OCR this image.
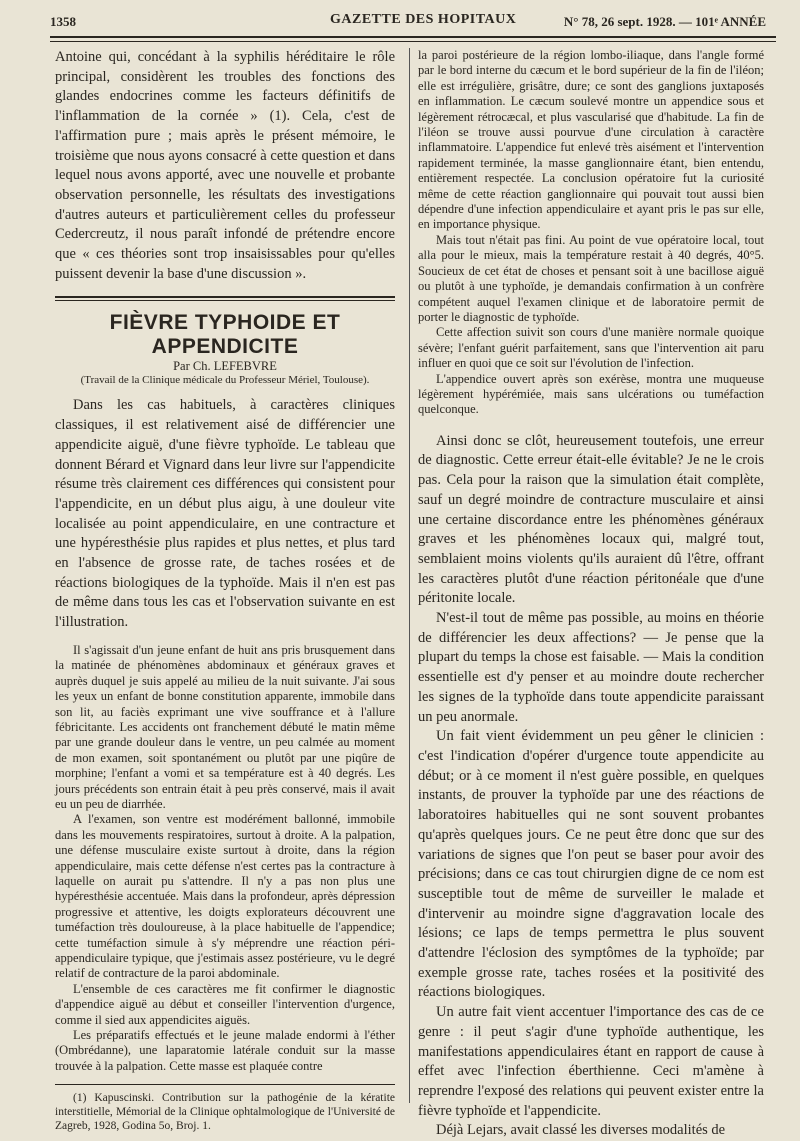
1358	GAZETTE DES HOPITAUX	N° 78, 26 sept. 1928. — 101ᵉ ANNÉE

Antoine qui, concédant à la syphilis héréditaire le rôle principal, considèrent les troubles des fonctions des glandes endocrines comme les facteurs définitifs de l'inflammation de la cornée » (1). Cela, c'est de l'affirmation pure ; mais après le présent mémoire, le troisième que nous ayons consacré à cette question et dans lequel nous avons apporté, avec une nouvelle et probante observation personnelle, les résultats des investigations d'autres auteurs et particulièrement celles du professeur Cedercreutz, il nous paraît infondé de prétendre encore que « ces théories sont trop insaisissables pour qu'elles puissent devenir la base d'une discussion ».

FIÈVRE TYPHOIDE ET APPENDICITE

Par Ch. LEFEBVRE

(Travail de la Clinique médicale du Professeur Mériel, Toulouse).

Dans les cas habituels, à caractères cliniques classiques, il est relativement aisé de différencier une appendicite aiguë, d'une fièvre typhoïde. Le tableau que donnent Bérard et Vignard dans leur livre sur l'appendicite résume très clairement ces différences qui consistent pour l'appendicite, en un début plus aigu, à une douleur vite localisée au point appendiculaire, en une contracture et une hypéresthésie plus rapides et plus nettes, et plus tard en l'absence de grosse rate, de taches rosées et de réactions biologiques de la typhoïde. Mais il n'en est pas de même dans tous les cas et l'observation suivante en est l'illustration.

Il s'agissait d'un jeune enfant de huit ans pris brusquement dans la matinée de phénomènes abdominaux et généraux graves et auprès duquel je suis appelé au milieu de la nuit suivante. J'ai sous les yeux un enfant de bonne constitution apparente, immobile dans son lit, au faciès exprimant une vive souffrance et à l'allure fébricitante. Les accidents ont franchement débuté le matin même par une grande douleur dans le ventre, un peu calmée au moment de mon examen, soit spontanément ou plutôt par une piqûre de morphine; l'enfant a vomi et sa température est à 40 degrés. Les jours précédents son entrain était à peu près conservé, mais il avait eu un peu de diarrhée.

A l'examen, son ventre est modérément ballonné, immobile dans les mouvements respiratoires, surtout à droite. A la palpation, une défense musculaire existe surtout à droite, dans la région appendiculaire, mais cette défense n'est certes pas la contracture à laquelle on aurait pu s'attendre. Il n'y a pas non plus une hypéresthésie accentuée. Mais dans la profondeur, après dépression progressive et attentive, les doigts explorateurs découvrent une tuméfaction très douloureuse, à la place habituelle de l'appendice; cette tuméfaction simule à s'y méprendre une réaction péri-appendiculaire typique, que j'estimais assez postérieure, vu le degré relatif de contracture de la paroi abdominale.

L'ensemble de ces caractères me fit confirmer le diagnostic d'appendice aiguë au début et conseiller l'intervention d'urgence, comme il sied aux appendicites aiguës.

Les préparatifs effectués et le jeune malade endormi à l'éther (Ombrédanne), une laparatomie latérale conduit sur la masse trouvée à la palpation. Cette masse est plaquée contre

(1) Kapuscinski. Contribution sur la pathogénie de la kératite interstitielle, Mémorial de la Clinique ophtalmologique de l'Université de Zagreb, 1928, Godina 5o, Broj. 1.

la paroi postérieure de la région lombo-iliaque, dans l'angle formé par le bord interne du cæcum et le bord supérieur de la fin de l'iléon; elle est irrégulière, grisâtre, dure; ce sont des ganglions juxtaposés en inflammation. Le cæcum soulevé montre un appendice sous et légèrement rétrocæcal, et plus vascularisé que d'habitude. La fin de l'iléon se trouve aussi pourvue d'une circulation à caractère inflammatoire. L'appendice fut enlevé très aisément et l'intervention rapidement terminée, la masse ganglionnaire étant, bien entendu, entièrement respectée. La conclusion opératoire fut la curiosité même de cette réaction ganglionnaire qui pouvait tout aussi bien dépendre d'une infection appendiculaire et ayant pris le pas sur elle, en importance physique.

Mais tout n'était pas fini. Au point de vue opératoire local, tout alla pour le mieux, mais la température restait à 40 degrés, 40°5. Soucieux de cet état de choses et pensant soit à une bacillose aiguë ou plutôt à une typhoïde, je demandais confirmation à un confrère compétent auquel l'examen clinique et de laboratoire permit de porter le diagnostic de typhoïde.

Cette affection suivit son cours d'une manière normale quoique sévère; l'enfant guérit parfaitement, sans que l'intervention ait paru influer en quoi que ce soit sur l'évolution de l'infection.

L'appendice ouvert après son exérèse, montra une muqueuse légèrement hypérémiée, mais sans ulcérations ou tuméfaction quelconque.

Ainsi donc se clôt, heureusement toutefois, une erreur de diagnostic. Cette erreur était-elle évitable? Je ne le crois pas. Cela pour la raison que la simulation était complète, sauf un degré moindre de contracture musculaire et ainsi une certaine discordance entre les phénomènes généraux graves et les phénomènes locaux qui, malgré tout, semblaient moins violents qu'ils auraient dû l'être, offrant les caractères plutôt d'une réaction péritonéale que d'une péritonite locale.

N'est-il tout de même pas possible, au moins en théorie de différencier les deux affections? — Je pense que la plupart du temps la chose est faisable. — Mais la condition essentielle est d'y penser et au moindre doute rechercher les signes de la typhoïde dans toute appendicite paraissant un peu anormale.

Un fait vient évidemment un peu gêner le clinicien : c'est l'indication d'opérer d'urgence toute appendicite au début; or à ce moment il n'est guère possible, en quelques instants, de prouver la typhoïde par une des réactions de laboratoires habituelles qui ne sont souvent probantes qu'après quelques jours. Ce ne peut être donc que sur des variations de signes que l'on peut se baser pour avoir des précisions; dans ce cas tout chirurgien digne de ce nom est susceptible tout de même de surveiller le malade et d'intervenir au moindre signe d'aggravation locale des lésions; ce laps de temps permettra le plus souvent d'attendre l'éclosion des symptômes de la typhoïde; par exemple grosse rate, taches rosées et la positivité des réactions biologiques.

Un autre fait vient accentuer l'importance des cas de ce genre : il peut s'agir d'une typhoïde authentique, les manifestations appendiculaires étant en rapport de cause à effet avec l'infection éberthienne. Ceci m'amène à reprendre l'exposé des relations qui peuvent exister entre la fièvre typhoïde et l'appendicite.

Déjà Lejars, avait classé les diverses modalités de
